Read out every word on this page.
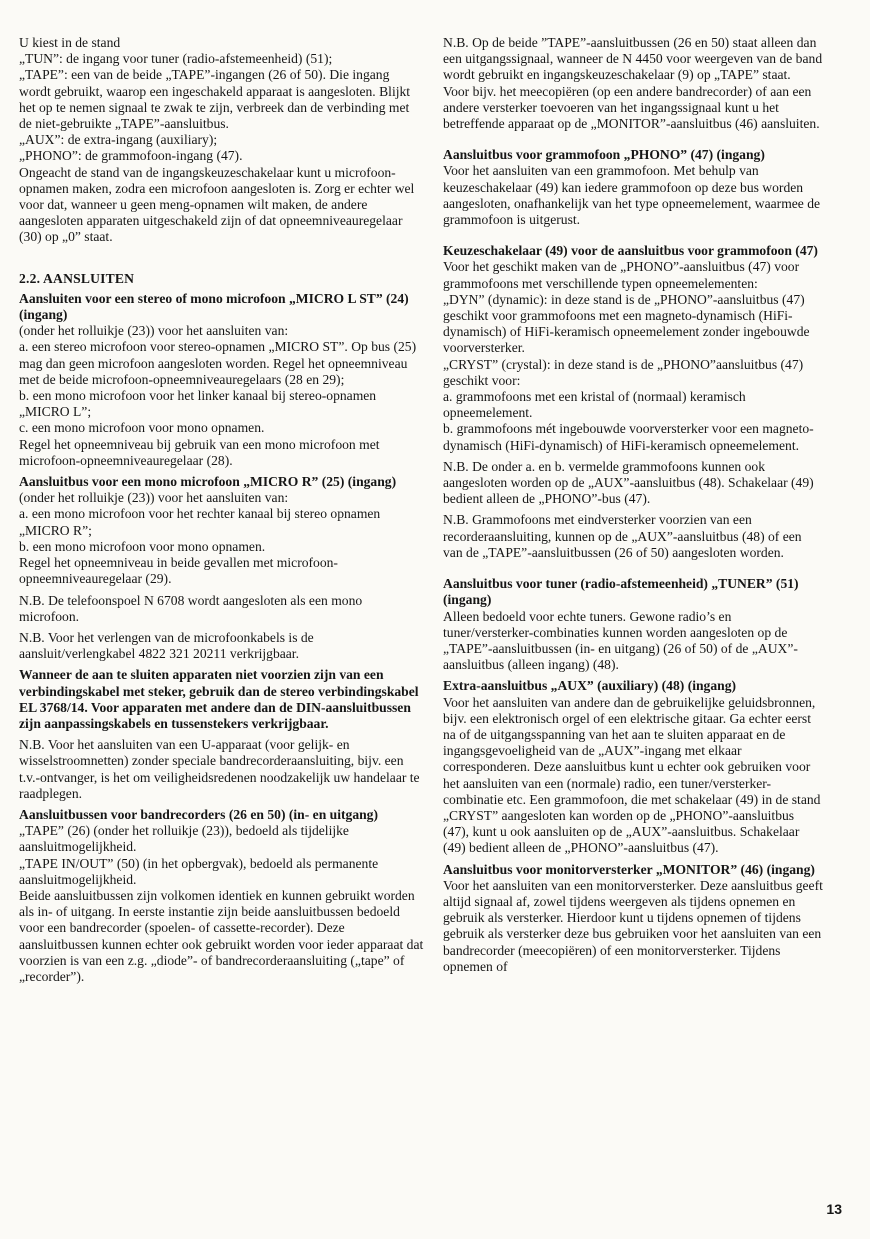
U kiest in de stand

„TUN”: de ingang voor tuner (radio-afstemeenheid) (51);

„TAPE”: een van de beide „TAPE”-ingangen (26 of 50). Die ingang wordt gebruikt, waarop een ingeschakeld apparaat is aangesloten. Blijkt het op te nemen signaal te zwak te zijn, verbreek dan de verbinding met de niet-gebruikte „TAPE”-aansluitbus.

„AUX”: de extra-ingang (auxiliary);

„PHONO”: de grammofoon-ingang (47).

Ongeacht de stand van de ingangskeuzeschakelaar kunt u microfoon-opnamen maken, zodra een microfoon aangesloten is. Zorg er echter wel voor dat, wanneer u geen meng-opnamen wilt maken, de andere aangesloten apparaten uitgeschakeld zijn of dat opneemniveauregelaar (30) op „0” staat.

2.2. AANSLUITEN

Aansluiten voor een stereo of mono microfoon „MICRO L ST” (24) (ingang)

(onder het rolluikje (23)) voor het aansluiten van:

a. een stereo microfoon voor stereo-opnamen „MICRO ST”. Op bus (25) mag dan geen microfoon aangesloten worden. Regel het opneemniveau met de beide microfoon-opneemniveauregelaars (28 en 29);

b. een mono microfoon voor het linker kanaal bij stereo-opnamen „MICRO L”;

c. een mono microfoon voor mono opnamen.

Regel het opneemniveau bij gebruik van een mono microfoon met microfoon-opneemniveauregelaar (28).

Aansluitbus voor een mono microfoon „MICRO R” (25) (ingang)

(onder het rolluikje (23)) voor het aansluiten van:

a. een mono microfoon voor het rechter kanaal bij stereo opnamen „MICRO R”;

b. een mono microfoon voor mono opnamen.

Regel het opneemniveau in beide gevallen met microfoon-opneemniveauregelaar (29).

N.B. De telefoonspoel N 6708 wordt aangesloten als een mono microfoon.

N.B. Voor het verlengen van de microfoonkabels is de aansluit/verlengkabel 4822 321 20211 verkrijgbaar.

Wanneer de aan te sluiten apparaten niet voorzien zijn van een verbindingskabel met steker, gebruik dan de stereo verbindingskabel EL 3768/14. Voor apparaten met andere dan de DIN-aansluitbussen zijn aanpassingskabels en tussenstekers verkrijgbaar.

N.B. Voor het aansluiten van een U-apparaat (voor gelijk- en wisselstroomnetten) zonder speciale bandrecorderaansluiting, bijv. een t.v.-ontvanger, is het om veiligheidsredenen noodzakelijk uw handelaar te raadplegen.

Aansluitbussen voor bandrecorders (26 en 50) (in- en uitgang)

„TAPE” (26) (onder het rolluikje (23)), bedoeld als tijdelijke aansluitmogelijkheid.

„TAPE IN/OUT” (50) (in het opbergvak), bedoeld als permanente aansluitmogelijkheid.

Beide aansluitbussen zijn volkomen identiek en kunnen gebruikt worden als in- of uitgang. In eerste instantie zijn beide aansluitbussen bedoeld voor een bandrecorder (spoelen- of cassette-recorder). Deze aansluitbussen kunnen echter ook gebruikt worden voor ieder apparaat dat voorzien is van een z.g. „diode”- of bandrecorderaansluiting („tape” of „recorder”).

N.B. Op de beide ”TAPE”-aansluitbussen (26 en 50) staat alleen dan een uitgangssignaal, wanneer de N 4450 voor weergeven van de band wordt gebruikt en ingangskeuzeschakelaar (9) op „TAPE” staat.

Voor bijv. het meecopiëren (op een andere bandrecorder) of aan een andere versterker toevoeren van het ingangssignaal kunt u het betreffende apparaat op de „MONITOR”-aansluitbus (46) aansluiten.

Aansluitbus voor grammofoon „PHONO” (47) (ingang)

Voor het aansluiten van een grammofoon. Met behulp van keuzeschakelaar (49) kan iedere grammofoon op deze bus worden aangesloten, onafhankelijk van het type opneemelement, waarmee de grammofoon is uitgerust.

Keuzeschakelaar (49) voor de aansluitbus voor grammofoon (47)

Voor het geschikt maken van de „PHONO”-aansluitbus (47) voor grammofoons met verschillende typen opneemelementen:

„DYN” (dynamic): in deze stand is de „PHONO”-aansluitbus (47) geschikt voor grammofoons met een magneto-dynamisch (HiFi-dynamisch) of HiFi-keramisch opneemelement zonder ingebouwde voorversterker.

„CRYST” (crystal): in deze stand is de „PHONO”aansluitbus (47) geschikt voor:

a. grammofoons met een kristal of (normaal) keramisch opneemelement.

b. grammofoons mét ingebouwde voorversterker voor een magneto-dynamisch (HiFi-dynamisch) of HiFi-keramisch opneemelement.

N.B. De onder a. en b. vermelde grammofoons kunnen ook aangesloten worden op de „AUX”-aansluitbus (48). Schakelaar (49) bedient alleen de „PHONO”-bus (47).

N.B. Grammofoons met eindversterker voorzien van een recorderaansluiting, kunnen op de „AUX”-aansluitbus (48) of een van de „TAPE”-aansluitbussen (26 of 50) aangesloten worden.

Aansluitbus voor tuner (radio-afstemeenheid) „TUNER” (51) (ingang)

Alleen bedoeld voor echte tuners. Gewone radio’s en tuner/versterker-combinaties kunnen worden aangesloten op de „TAPE”-aansluitbussen (in- en uitgang) (26 of 50) of de „AUX”-aansluitbus (alleen ingang) (48).

Extra-aansluitbus „AUX” (auxiliary) (48) (ingang)

Voor het aansluiten van andere dan de gebruikelijke geluidsbronnen, bijv. een elektronisch orgel of een elektrische gitaar. Ga echter eerst na of de uitgangsspanning van het aan te sluiten apparaat en de ingangsgevoeligheid van de „AUX”-ingang met elkaar corresponderen. Deze aansluitbus kunt u echter ook gebruiken voor het aansluiten van een (normale) radio, een tuner/versterker-combinatie etc. Een grammofoon, die met schakelaar (49) in de stand „CRYST” aangesloten kan worden op de „PHONO”-aansluitbus (47), kunt u ook aansluiten op de „AUX”-aansluitbus. Schakelaar (49) bedient alleen de „PHONO”-aansluitbus (47).

Aansluitbus voor monitorversterker „MONITOR” (46) (ingang)

Voor het aansluiten van een monitorversterker. Deze aansluitbus geeft altijd signaal af, zowel tijdens weergeven als tijdens opnemen en gebruik als versterker. Hierdoor kunt u tijdens opnemen of tijdens gebruik als versterker deze bus gebruiken voor het aansluiten van een bandrecorder (meecopiëren) of een monitorversterker. Tijdens opnemen of

13
